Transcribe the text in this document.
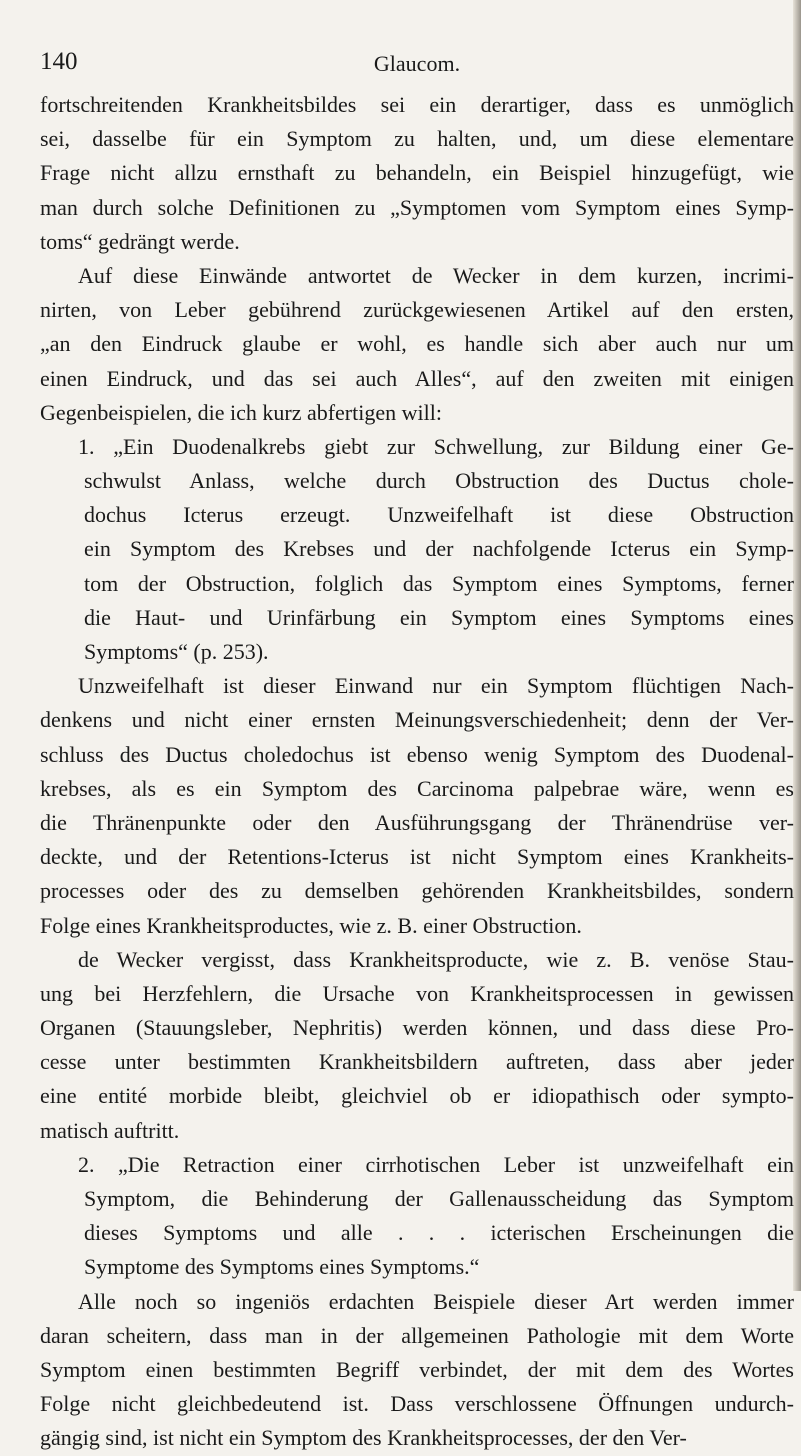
140	Glaucom.
fortschreitenden Krankheitsbildes sei ein derartiger, dass es unmöglich
sei, dasselbe für ein Symptom zu halten, und, um diese elementare
Frage nicht allzu ernsthaft zu behandeln, ein Beispiel hinzugefügt, wie
man durch solche Definitionen zu „Symptomen vom Symptom eines Symp-
toms“ gedrängt werde.
Auf diese Einwände antwortet de Wecker in dem kurzen, incrimi-
nirten, von Leber gebührend zurückgewiesenen Artikel auf den ersten,
„an den Eindruck glaube er wohl, es handle sich aber auch nur um
einen Eindruck, und das sei auch Alles“, auf den zweiten mit einigen
Gegenbeispielen, die ich kurz abfertigen will:
1. „Ein Duodenalkrebs giebt zur Schwellung, zur Bildung einer Ge-
schwulst Anlass, welche durch Obstruction des Ductus chole-
dochus Icterus erzeugt. Unzweifelhaft ist diese Obstruction
ein Symptom des Krebses und der nachfolgende Icterus ein Symp-
tom der Obstruction, folglich das Symptom eines Symptoms, ferner
die Haut- und Urinfärbung ein Symptom eines Symptoms eines
Symptoms“ (p. 253).
Unzweifelhaft ist dieser Einwand nur ein Symptom flüchtigen Nach-
denkens und nicht einer ernsten Meinungsverschiedenheit; denn der Ver-
schluss des Ductus choledochus ist ebenso wenig Symptom des Duodenal-
krebses, als es ein Symptom des Carcinoma palpebrae wäre, wenn es
die Thränenpunkte oder den Ausführungsgang der Thränendrüse ver-
deckte, und der Retentions-Icterus ist nicht Symptom eines Krankheits-
processes oder des zu demselben gehörenden Krankheitsbildes, sondern
Folge eines Krankheitsproductes, wie z. B. einer Obstruction.
de Wecker vergisst, dass Krankheitsproducte, wie z. B. venöse Stau-
ung bei Herzfehlern, die Ursache von Krankheitsprocessen in gewissen
Organen (Stauungsleber, Nephritis) werden können, und dass diese Pro-
cesse unter bestimmten Krankheitsbildern auftreten, dass aber jeder
eine entité morbide bleibt, gleichviel ob er idiopathisch oder sympto-
matisch auftritt.
2. „Die Retraction einer cirrhotischen Leber ist unzweifelhaft ein
Symptom, die Behinderung der Gallenausscheidung das Symptom
dieses Symptoms und alle . . . icterischen Erscheinungen die
Symptome des Symptoms eines Symptoms.“
Alle noch so ingeniös erdachten Beispiele dieser Art werden immer
daran scheitern, dass man in der allgemeinen Pathologie mit dem Worte
Symptom einen bestimmten Begriff verbindet, der mit dem des Wortes
Folge nicht gleichbedeutend ist. Dass verschlossene Öffnungen undurch-
gängig sind, ist nicht ein Symptom des Krankheitsprocesses, der den Ver-
